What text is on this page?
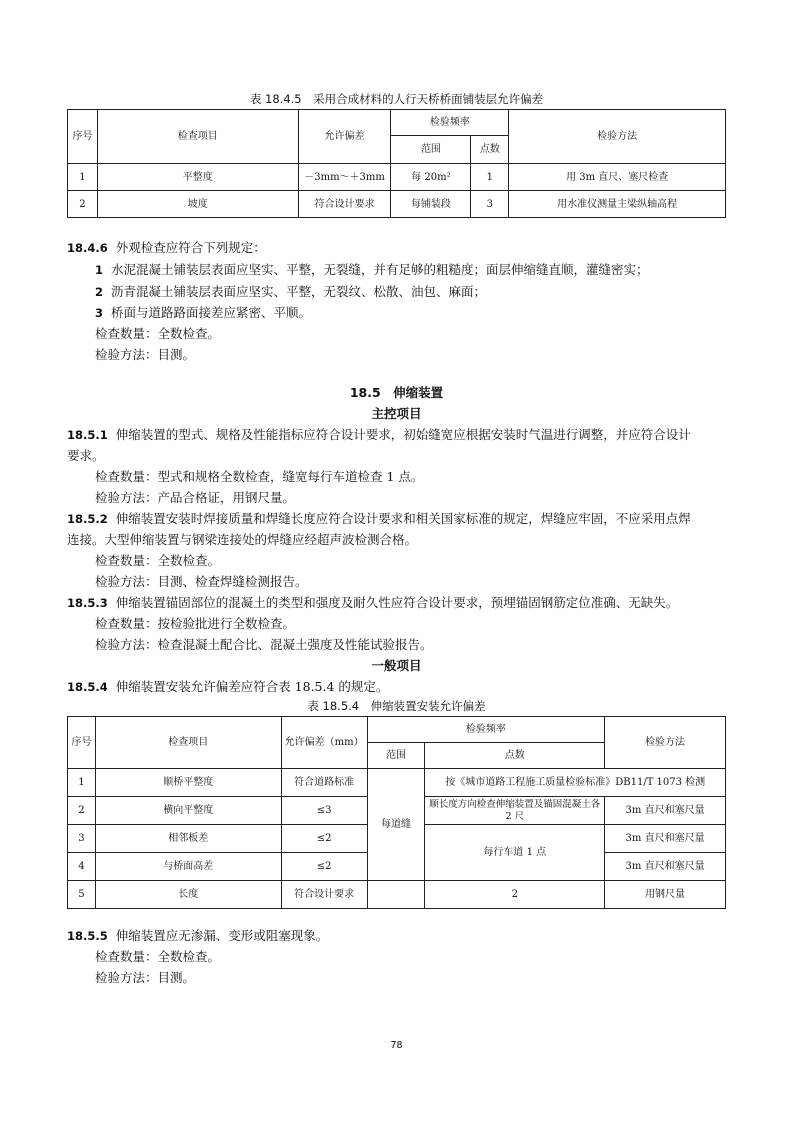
表 18.4.5　采用合成材料的人行天桥桥面铺装层允许偏差
序号	检查项目	允许偏差	检验频率		检验方法
			范围	点数	
1	平整度	－3mm～＋3mm	每 20m²	1	用 3m 直尺、塞尺检查
2	坡度	符合设计要求	每铺装段	3	用水准仪测量主梁纵轴高程
18.4.6 外观检查应符合下列规定：
1 水泥混凝土铺装层表面应坚实、平整，无裂缝，并有足够的粗糙度；面层伸缩缝直顺，灌缝密实；
2 沥青混凝土铺装层表面应坚实、平整，无裂纹、松散、油包、麻面；
3 桥面与道路路面接差应紧密、平顺。
检查数量：全数检查。
检验方法：目测。
18.5　伸缩装置
主控项目
18.5.1 伸缩装置的型式、规格及性能指标应符合设计要求，初始缝宽应根据安装时气温进行调整，并应符合设计
要求。
检查数量：型式和规格全数检查，缝宽每行车道检查 1 点。
检验方法：产品合格证，用钢尺量。
18.5.2 伸缩装置安装时焊接质量和焊缝长度应符合设计要求和相关国家标准的规定，焊缝应牢固，不应采用点焊
连接。大型伸缩装置与钢梁连接处的焊缝应经超声波检测合格。
检查数量：全数检查。
检验方法：目测、检查焊缝检测报告。
18.5.3 伸缩装置锚固部位的混凝土的类型和强度及耐久性应符合设计要求，预埋锚固钢筋定位准确、无缺失。
检查数量：按检验批进行全数检查。
检验方法：检查混凝土配合比、混凝土强度及性能试验报告。
一般项目
18.5.4 伸缩装置安装允许偏差应符合表 18.5.4 的规定。
表 18.5.4　伸缩装置安装允许偏差
序号	检查项目	允许偏差（mm）	检验频率		检验方法
			范围	点数	
1	顺桥平整度	符合道路标准	每道缝	按《城市道路工程施工质量检验标准》DB11/T 1073 检测	
2	横向平整度	≤3		顺长度方向检查伸缩装置及锚固混凝土各 2 尺	3m 直尺和塞尺量
3	相邻板差	≤2		每行车道 1 点	3m 直尺和塞尺量
4	与桥面高差	≤2			3m 直尺和塞尺量
5	长度	符合设计要求		2	用钢尺量
18.5.5 伸缩装置应无渗漏、变形或阻塞现象。
检查数量：全数检查。
检验方法：目测。
78
